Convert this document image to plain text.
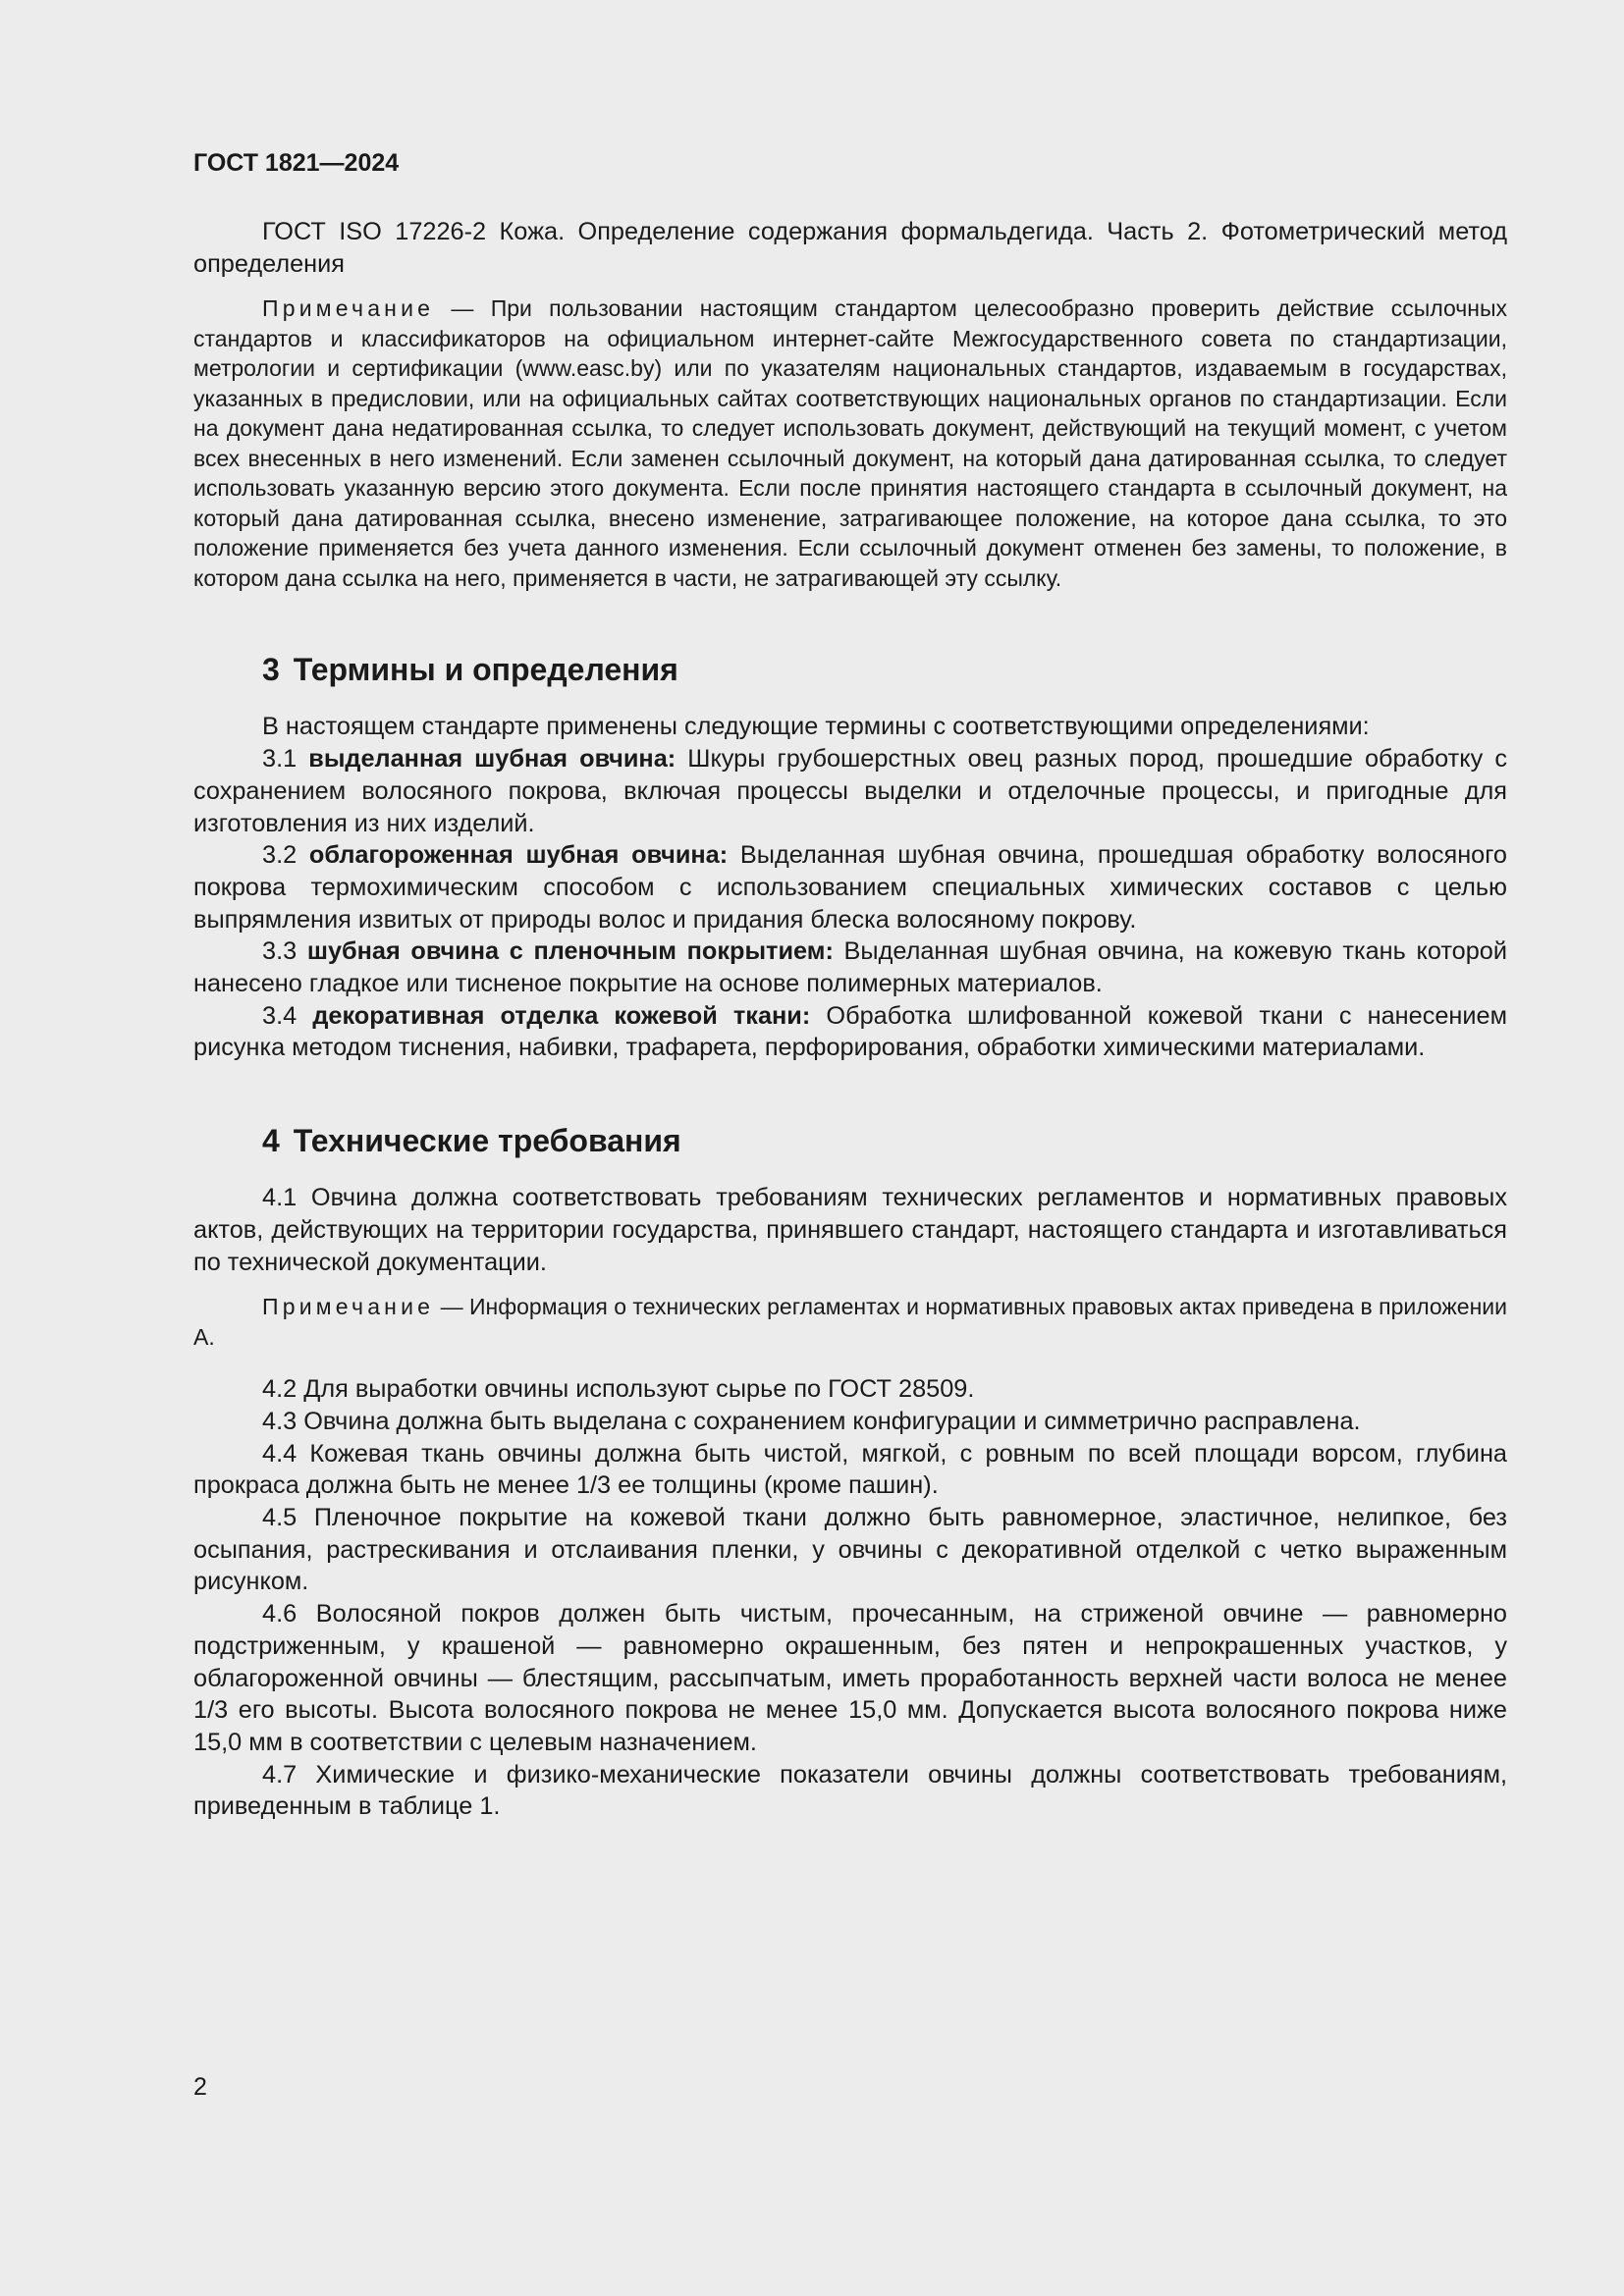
ГОСТ 1821—2024

ГОСТ ISO 17226-2 Кожа. Определение содержания формальдегида. Часть 2. Фотометрический метод определения

Примечание — При пользовании настоящим стандартом целесообразно проверить действие ссылочных стандартов и классификаторов на официальном интернет-сайте Межгосударственного совета по стандартизации, метрологии и сертификации (www.easc.by) или по указателям национальных стандартов, издаваемым в государствах, указанных в предисловии, или на официальных сайтах соответствующих национальных органов по стандартизации. Если на документ дана недатированная ссылка, то следует использовать документ, действующий на текущий момент, с учетом всех внесенных в него изменений. Если заменен ссылочный документ, на который дана датированная ссылка, то следует использовать указанную версию этого документа. Если после принятия настоящего стандарта в ссылочный документ, на который дана датированная ссылка, внесено изменение, затрагивающее положение, на которое дана ссылка, то это положение применяется без учета данного изменения. Если ссылочный документ отменен без замены, то положение, в котором дана ссылка на него, применяется в части, не затрагивающей эту ссылку.

3 Термины и определения

В настоящем стандарте применены следующие термины с соответствующими определениями:

3.1 выделанная шубная овчина: Шкуры грубошерстных овец разных пород, прошедшие обработку с сохранением волосяного покрова, включая процессы выделки и отделочные процессы, и пригодные для изготовления из них изделий.

3.2 облагороженная шубная овчина: Выделанная шубная овчина, прошедшая обработку волосяного покрова термохимическим способом с использованием специальных химических составов с целью выпрямления извитых от природы волос и придания блеска волосяному покрову.

3.3 шубная овчина с пленочным покрытием: Выделанная шубная овчина, на кожевую ткань которой нанесено гладкое или тисненое покрытие на основе полимерных материалов.

3.4 декоративная отделка кожевой ткани: Обработка шлифованной кожевой ткани с нанесением рисунка методом тиснения, набивки, трафарета, перфорирования, обработки химическими материалами.

4 Технические требования

4.1 Овчина должна соответствовать требованиям технических регламентов и нормативных правовых актов, действующих на территории государства, принявшего стандарт, настоящего стандарта и изготавливаться по технической документации.

Примечание — Информация о технических регламентах и нормативных правовых актах приведена в приложении А.

4.2 Для выработки овчины используют сырье по ГОСТ 28509.

4.3 Овчина должна быть выделана с сохранением конфигурации и симметрично расправлена.

4.4 Кожевая ткань овчины должна быть чистой, мягкой, с ровным по всей площади ворсом, глубина прокраса должна быть не менее 1/3 ее толщины (кроме пашин).

4.5 Пленочное покрытие на кожевой ткани должно быть равномерное, эластичное, нелипкое, без осыпания, растрескивания и отслаивания пленки, у овчины с декоративной отделкой с четко выраженным рисунком.

4.6 Волосяной покров должен быть чистым, прочесанным, на стриженой овчине — равномерно подстриженным, у крашеной — равномерно окрашенным, без пятен и непрокрашенных участков, у облагороженной овчины — блестящим, рассыпчатым, иметь проработанность верхней части волоса не менее 1/3 его высоты. Высота волосяного покрова не менее 15,0 мм. Допускается высота волосяного покрова ниже 15,0 мм в соответствии с целевым назначением.

4.7 Химические и физико-механические показатели овчины должны соответствовать требованиям, приведенным в таблице 1.

2
